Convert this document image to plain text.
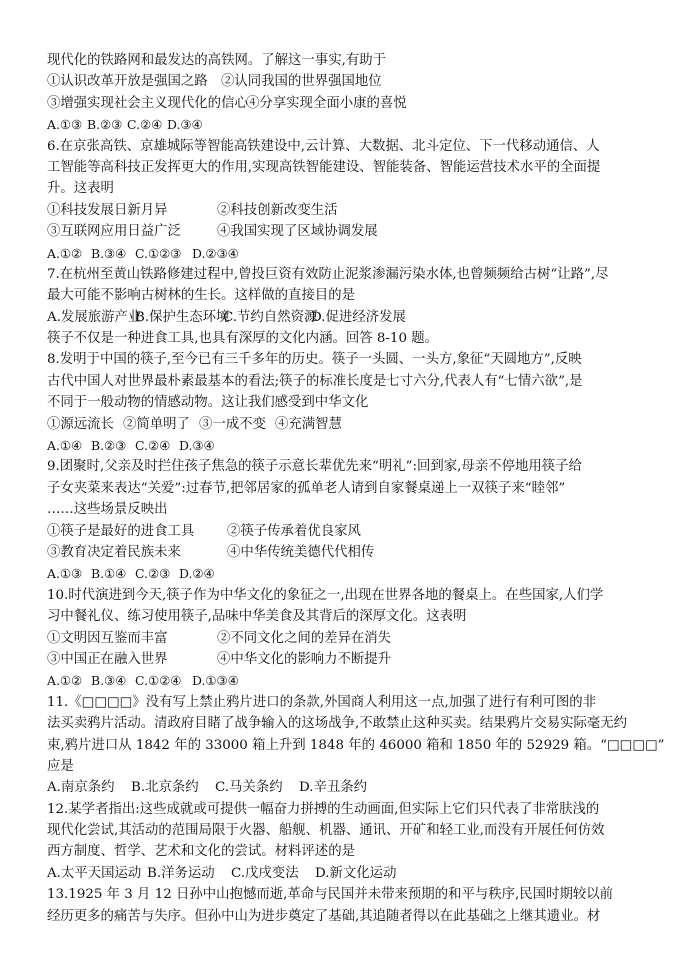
现代化的铁路网和最发达的高铁网。了解这一事实,有助于
①认识改革开放是强国之路 ②认同我国的世界强国地位
③增强实现社会主义现代化的信心④分享实现全面小康的喜悦
A.①③ B.②③ C.②④ D.③④
6.在京张高铁、京雄城际等智能高铁建设中,云计算、大数据、北斗定位、下一代移动通信、人
工智能等高科技正发挥更大的作用,实现高铁智能建设、智能装备、智能运营技术水平的全面提
升。这表明
①科技发展日新月异	②科技创新改变生活
③互联网应用日益广泛	④我国实现了区域协调发展
A.①② B.③④ C.①②③ D.②③④
7.在杭州至黄山铁路修建过程中,曾投巨资有效防止泥浆渗漏污染水体,也曾频频给古树“让路”,尽
最大可能不影响古树林的生长。这样做的直接目的是
A.发展旅游产业B.保护生态环境C.节约自然资源D.促进经济发展
筷子不仅是一种进食工具,也具有深厚的文化内涵。回答 8-10 题。
8.发明于中国的筷子,至今已有三千多年的历史。筷子一头圆、一头方,象征“天圆地方”,反映
古代中国人对世界最朴素最基本的看法;筷子的标准长度是七寸六分,代表人有“七情六欲”,是
不同于一般动物的情感动物。这让我们感受到中华文化
①源远流长 ②简单明了 ③一成不变 ④充满智慧
A.①④ B.②③ C.②④ D.③④
9.团聚时,父亲及时拦住孩子焦急的筷子示意长辈优先来“明礼”:回到家,母亲不停地用筷子给
子女夹菜来表达“关爱”:过春节,把邻居家的孤单老人请到自家餐桌递上一双筷子来“睦邻”
……这些场景反映出
①筷子是最好的进食工具 ②筷子传承着优良家风
③教育决定着民族未来	④中华传统美德代代相传
A.①③ B.①④ C.②③ D.②④
10.时代演进到今天,筷子作为中华文化的象征之一,出现在世界各地的餐桌上。在些国家,人们学
习中餐礼仪、练习使用筷子,品味中华美食及其背后的深厚文化。这表明
①文明因互鉴而丰富	②不同文化之间的差异在消失
③中国正在融入世界	④中华文化的影响力不断提升
A.①② B.③④ C.①②④ D.①③④
11.《□□□□》没有写上禁止鸦片进口的条款,外国商人利用这一点,加强了进行有利可图的非
法买卖鸦片活动。清政府目睹了战争输入的这场战争,不敢禁止这种买卖。结果鸦片交易实际毫无约
束,鸦片进口从 1842 年的 33000 箱上升到 1848 年的 46000 箱和 1850 年的 52929 箱。“□□□□”
应是
A.南京条约 B.北京条约 C.马关条约 D.辛丑条约
12.某学者指出:这些成就或可提供一幅奋力拼搏的生动画面,但实际上它们只代表了非常肤浅的
现代化尝试,其活动的范围局限于火器、船舰、机器、通讯、开矿和轻工业,而没有开展任何仿效
西方制度、哲学、艺术和文化的尝试。材料评述的是
A.太平天国运动 B.洋务运动 C.戊戌变法 D.新文化运动
13.1925 年 3 月 12 日孙中山抱憾而逝,革命与民国并未带来预期的和平与秩序,民国时期较以前
经历更多的痛苦与失序。但孙中山为进步奠定了基础,其追随者得以在此基础之上继其遗业。材
